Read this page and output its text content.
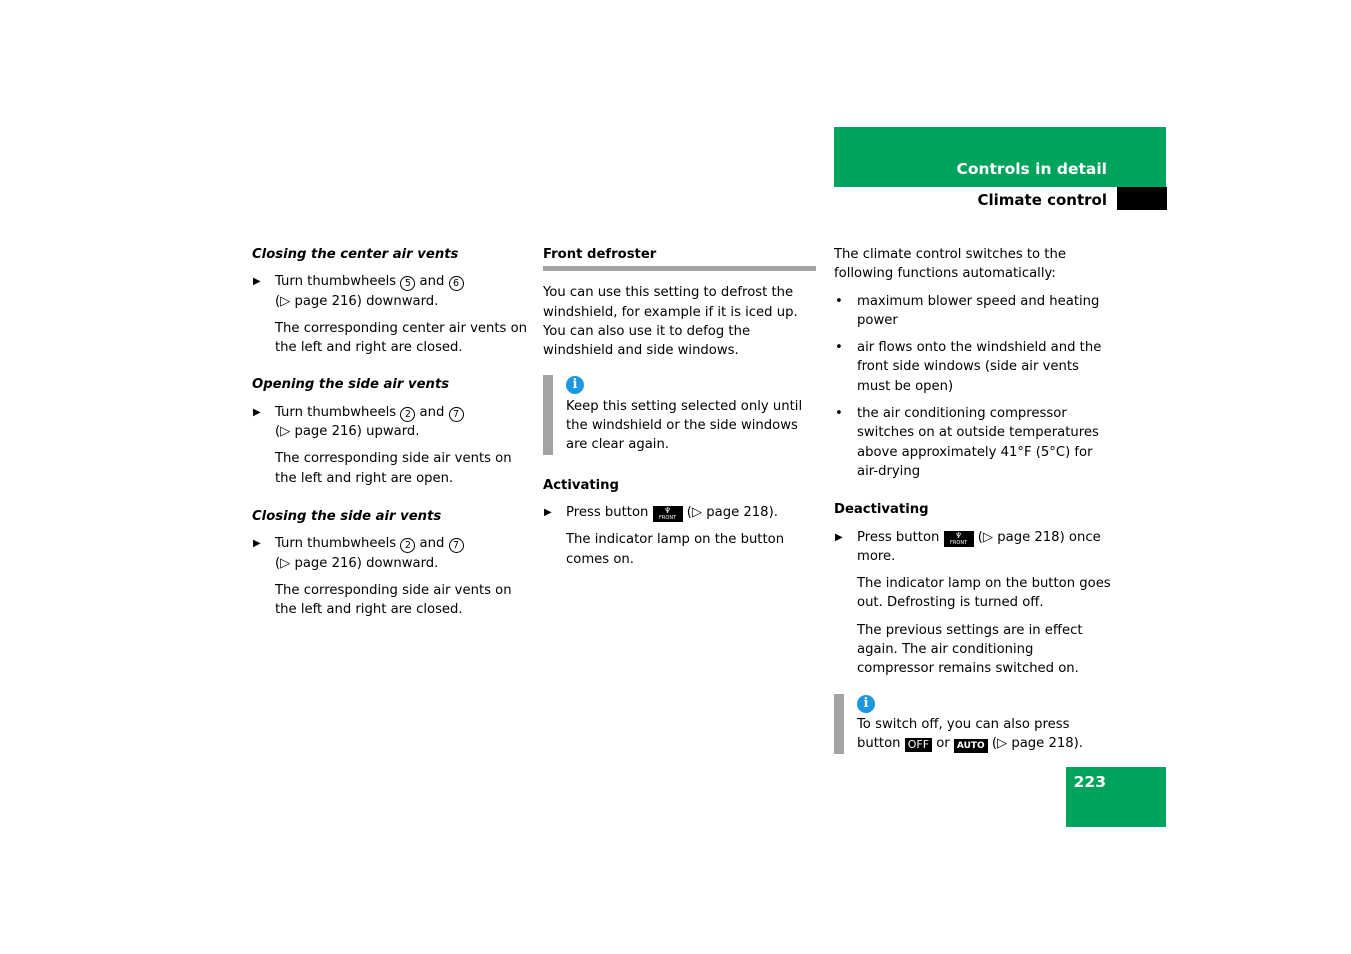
Controls in detail
Climate control

Closing the center air vents

▶ Turn thumbwheels 5 and 6
(▷ page 216) downward.

The corresponding center air vents on the left and right are closed.

Opening the side air vents

▶ Turn thumbwheels 2 and 7
(▷ page 216) upward.

The corresponding side air vents on the left and right are open.

Closing the side air vents

▶ Turn thumbwheels 2 and 7
(▷ page 216) downward.

The corresponding side air vents on the left and right are closed.

Front defroster

You can use this setting to defrost the windshield, for example if it is iced up. You can also use it to defog the windshield and side windows.

i

Keep this setting selected only until the windshield or the side windows are clear again.

Activating

▶ Press button	♆
FRONT (▷ page 218).

The indicator lamp on the button comes on.

The climate control switches to the following functions automatically:

• maximum blower speed and heating power
• air flows onto the windshield and the front side windows (side air vents must be open)
• the air conditioning compressor switches on at outside temperatures above approximately 41°F (5°C) for air-drying

Deactivating

▶ Press button	♆
FRONT (▷ page 218) once more.

The indicator lamp on the button goes out. Defrosting is turned off.

The previous settings are in effect again. The air conditioning compressor remains switched on.

i

To switch off, you can also press button OFF or AUTO (▷ page 218).

223
